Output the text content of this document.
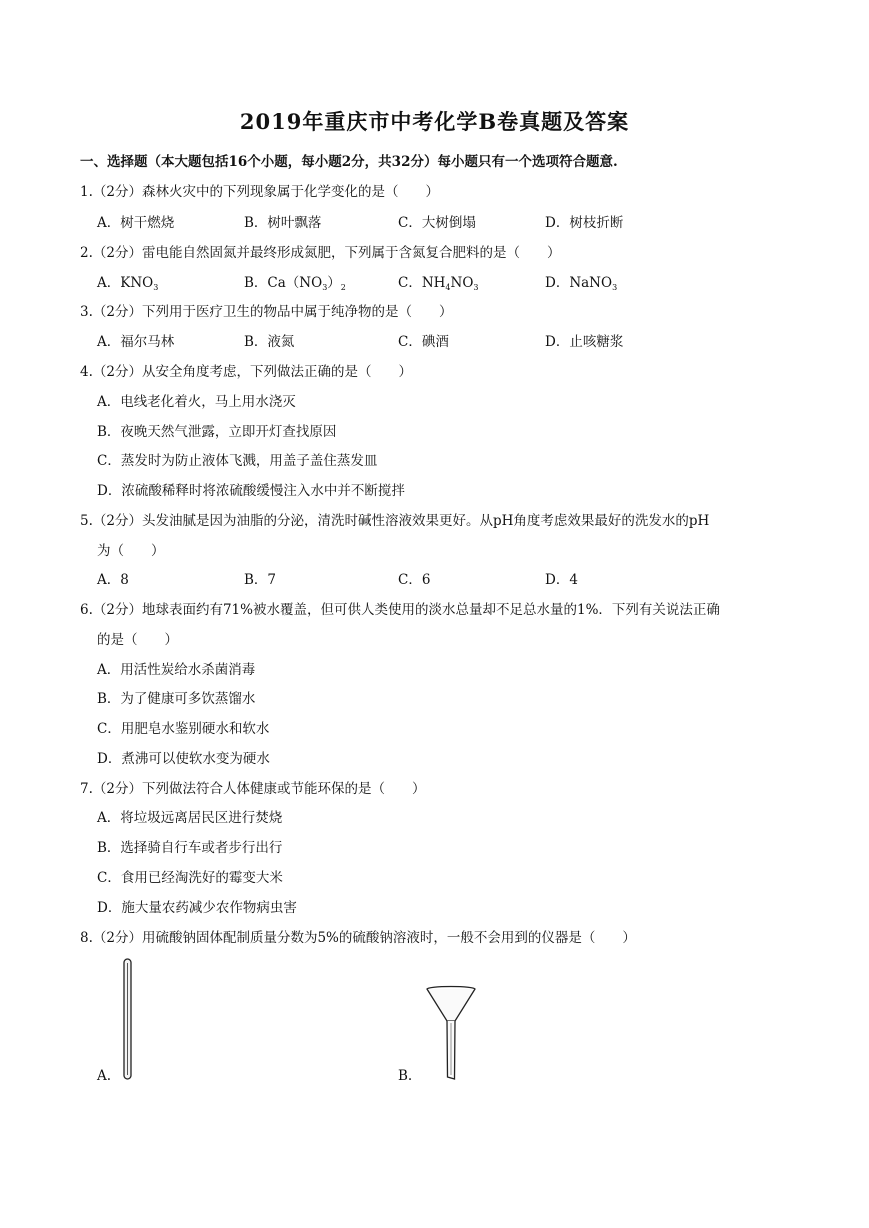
2019年重庆市中考化学B卷真题及答案
一、选择题（本大题包括16个小题，每小题2分，共32分）每小题只有一个选项符合题意.
1.（2分）森林火灾中的下列现象属于化学变化的是（　　）
A．树干燃烧	B．树叶飘落	C．大树倒塌	D．树枝折断
2.（2分）雷电能自然固氮并最终形成氮肥，下列属于含氮复合肥料的是（　　）
A．$KNO_3$	B．$Ca(NO_3)_2$	C．$NH_4NO_3$	D．NaNO$_3$
3.（2分）下列用于医疗卫生的物品中属于纯净物的是（　　）
A．福尔马林	B．液氮	C．碘酒	D．止咳糖浆
4.（2分）从安全角度考虑，下列做法正确的是（　　）
A．电线老化着火，马上用水浇灭
B．夜晚天然气泄露，立即开灯查找原因
C．蒸发时为防止液体飞溅，用盖子盖住蒸发皿
D．浓硫酸稀释时将浓硫酸缓慢注入水中并不断搅拌
5.（2分）头发油腻是因为油脂的分泌，清洗时碱性溶液效果更好。从pH角度考虑效果最好的洗发水的pH
为（　　）
A．8	B．7	C．6	D．4
6.（2分）地球表面约有71%被水覆盖，但可供人类使用的淡水总量却不足总水量的1%．下列有关说法正确
的是（　　）
A．用活性炭给水杀菌消毒
B．为了健康可多饮蒸馏水
C．用肥皂水鉴别硬水和软水
D．煮沸可以使软水变为硬水
7.（2分）下列做法符合人体健康或节能环保的是（　　）
A．将垃圾远离居民区进行焚烧
B．选择骑自行车或者步行出行
C．食用已经淘洗好的霉变大米
D．施大量农药减少农作物病虫害
8.（2分）用硫酸钠固体配制质量分数为5%的硫酸钠溶液时，一般不会用到的仪器是（　　）
A.	B.
